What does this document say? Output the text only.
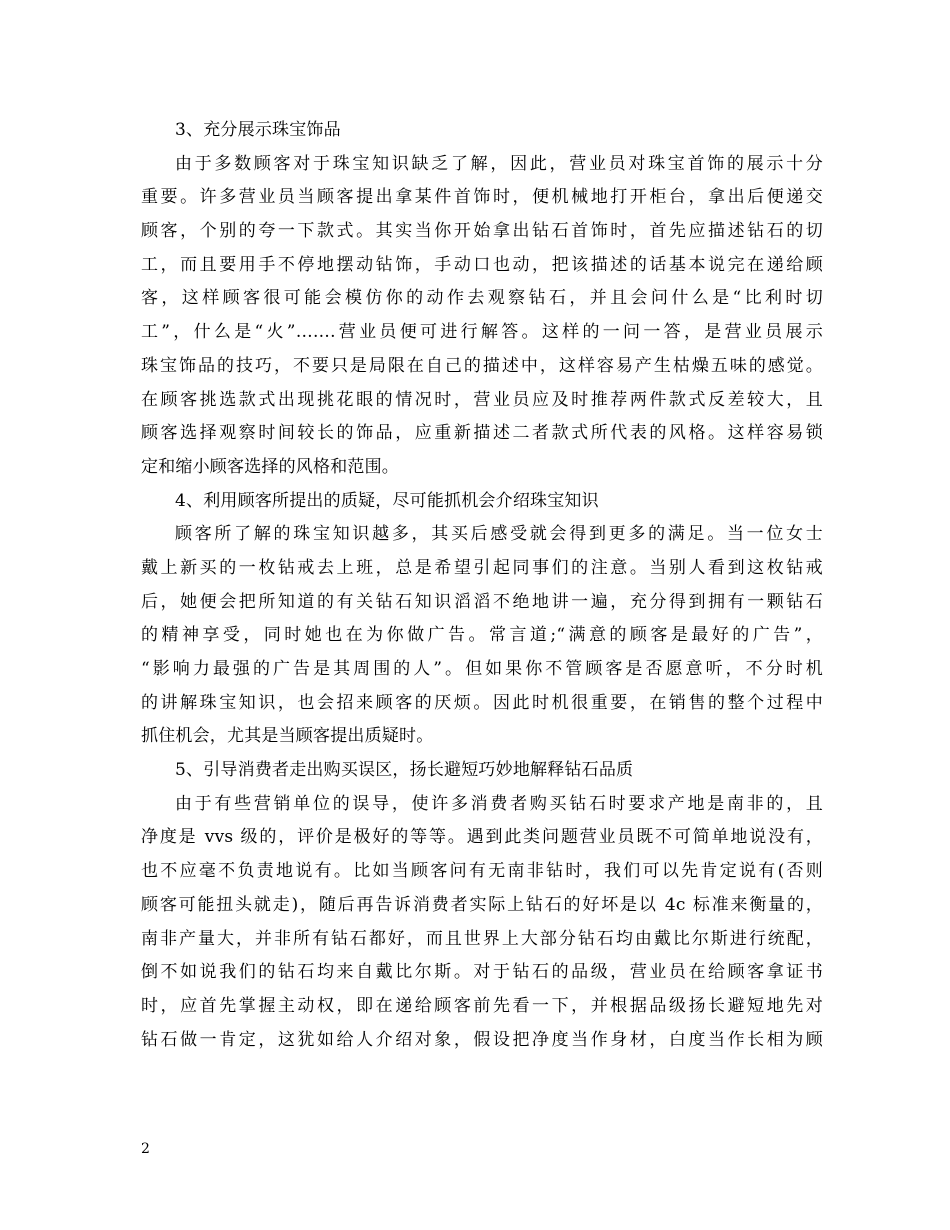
3、充分展示珠宝饰品
由于多数顾客对于珠宝知识缺乏了解，因此，营业员对珠宝首饰的展示十分
重要。许多营业员当顾客提出拿某件首饰时，便机械地打开柜台，拿出后便递交
顾客，个别的夸一下款式。其实当你开始拿出钻石首饰时，首先应描述钻石的切
工，而且要用手不停地摆动钻饰，手动口也动，把该描述的话基本说完在递给顾
客，这样顾客很可能会模仿你的动作去观察钻石，并且会问什么是“比利时切
工”，什么是“火”…….营业员便可进行解答。这样的一问一答，是营业员展示
珠宝饰品的技巧，不要只是局限在自己的描述中，这样容易产生枯燥五味的感觉。
在顾客挑选款式出现挑花眼的情况时，营业员应及时推荐两件款式反差较大，且
顾客选择观察时间较长的饰品，应重新描述二者款式所代表的风格。这样容易锁
定和缩小顾客选择的风格和范围。
4、利用顾客所提出的质疑，尽可能抓机会介绍珠宝知识
顾客所了解的珠宝知识越多，其买后感受就会得到更多的满足。当一位女士
戴上新买的一枚钻戒去上班，总是希望引起同事们的注意。当别人看到这枚钻戒
后，她便会把所知道的有关钻石知识滔滔不绝地讲一遍，充分得到拥有一颗钻石
的精神享受，同时她也在为你做广告。常言道;“满意的顾客是最好的广告”，
“影响力最强的广告是其周围的人”。但如果你不管顾客是否愿意听，不分时机
的讲解珠宝知识，也会招来顾客的厌烦。因此时机很重要，在销售的整个过程中
抓住机会，尤其是当顾客提出质疑时。
5、引导消费者走出购买误区，扬长避短巧妙地解释钻石品质
由于有些营销单位的误导，使许多消费者购买钻石时要求产地是南非的，且
净度是 vvs 级的，评价是极好的等等。遇到此类问题营业员既不可简单地说没有，
也不应毫不负责地说有。比如当顾客问有无南非钻时，我们可以先肯定说有(否则
顾客可能扭头就走)，随后再告诉消费者实际上钻石的好坏是以 4c 标准来衡量的，
南非产量大，并非所有钻石都好，而且世界上大部分钻石均由戴比尔斯进行统配，
倒不如说我们的钻石均来自戴比尔斯。对于钻石的品级，营业员在给顾客拿证书
时，应首先掌握主动权，即在递给顾客前先看一下，并根据品级扬长避短地先对
钻石做一肯定，这犹如给人介绍对象，假设把净度当作身材，白度当作长相为顾
2
